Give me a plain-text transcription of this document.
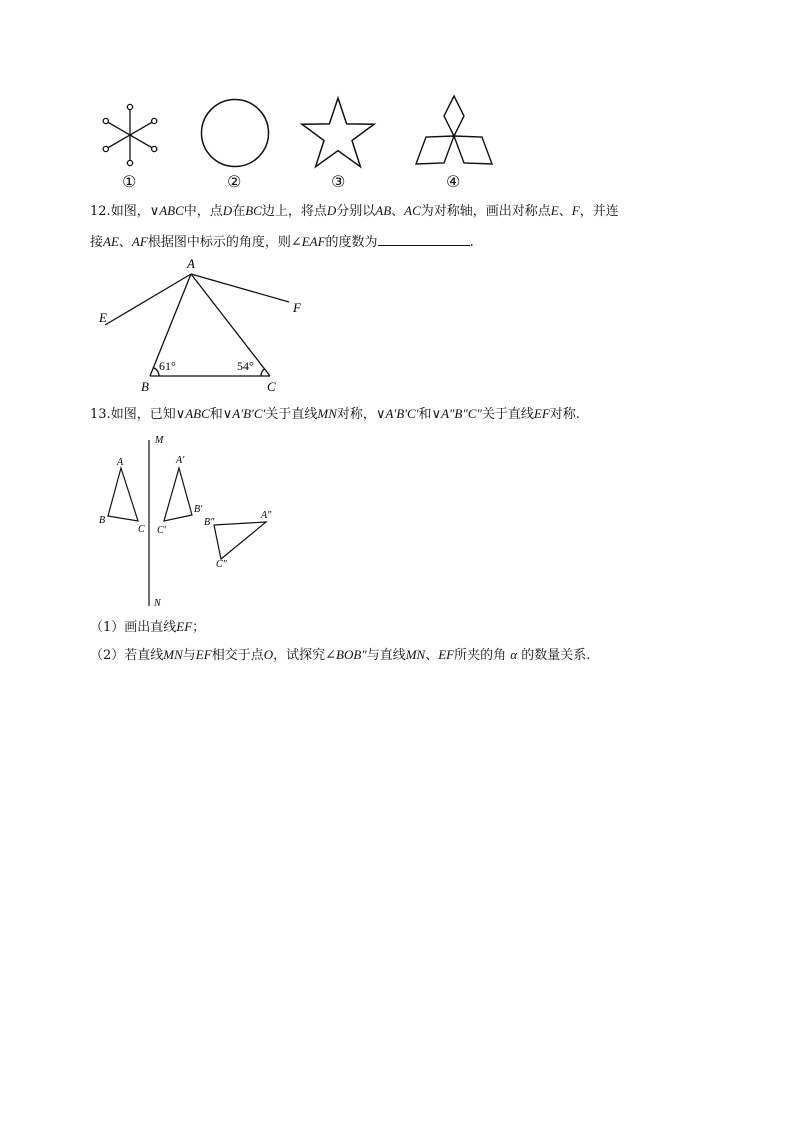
①	②	③	④
12.如图，∨ABC中，点D在BC边上，将点D分别以AB、AC为对称轴，画出对称点E、F，并连
接AE、AF根据图中标示的角度，则∠EAF的度数为	.
A
B	C
E
F
61°	54°
13.如图，已知∨ABC和∨A′B′C′关于直线MN对称，∨A′B′C′和∨A″B″C″关于直线EF对称.
M
N
A
B
C
A′
B′
C′
A″
B″
C″
（1）画出直线EF；
（2）若直线MN与EF相交于点O，试探究∠BOB″与直线MN、EF所夹的角 α 的数量关系.
